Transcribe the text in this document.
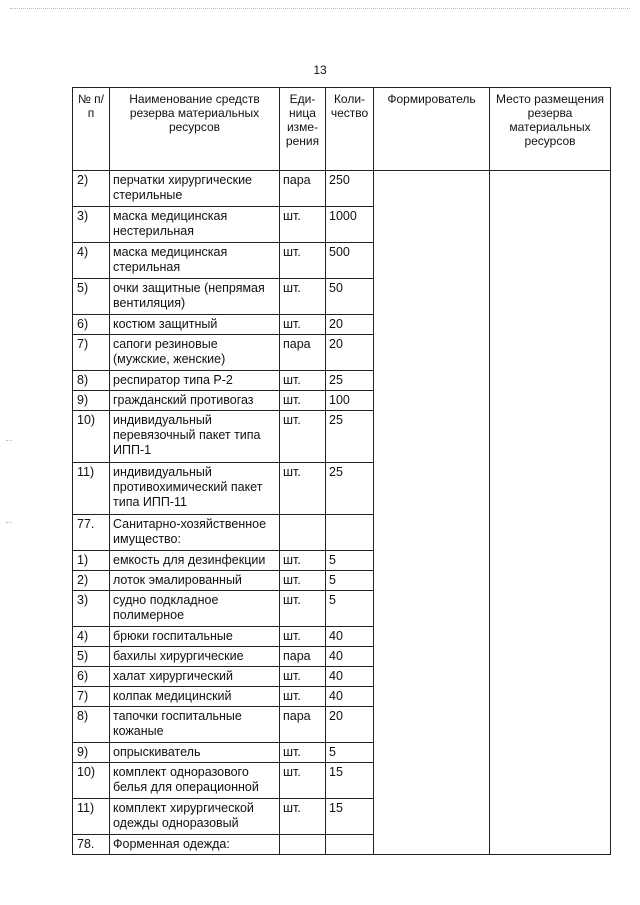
13
№ п/п	Наименование средств резерва материальных ресурсов	Еди-ница изме-рения	Коли-чество	Формирователь	Место размещения резерва материальных ресурсов
2)	перчатки хирургические стерильные	пара	250		
3)	маска медицинская нестерильная	шт.	1000		
4)	маска медицинская стерильная	шт.	500		
5)	очки защитные (непрямая вентиляция)	шт.	50		
6)	костюм защитный	шт.	20		
7)	сапоги резиновые (мужские, женские)	пара	20		
8)	респиратор типа Р-2	шт.	25		
9)	гражданский противогаз	шт.	100		
10)	индивидуальный перевязочный пакет типа ИПП-1	шт.	25		
11)	индивидуальный противохимический пакет типа ИПП-11	шт.	25		
77.	Санитарно-хозяйственное имущество:				
1)	емкость для дезинфекции	шт.	5		
2)	лоток эмалированный	шт.	5		
3)	судно подкладное полимерное	шт.	5		
4)	брюки госпитальные	шт.	40		
5)	бахилы хирургические	пара	40		
6)	халат хирургический	шт.	40		
7)	колпак медицинский	шт.	40		
8)	тапочки госпитальные кожаные	пара	20		
9)	опрыскиватель	шт.	5		
10)	комплект одноразового белья для операционной	шт.	15		
11)	комплект хирургической одежды одноразовый	шт.	15		
78.	Форменная одежда:				
